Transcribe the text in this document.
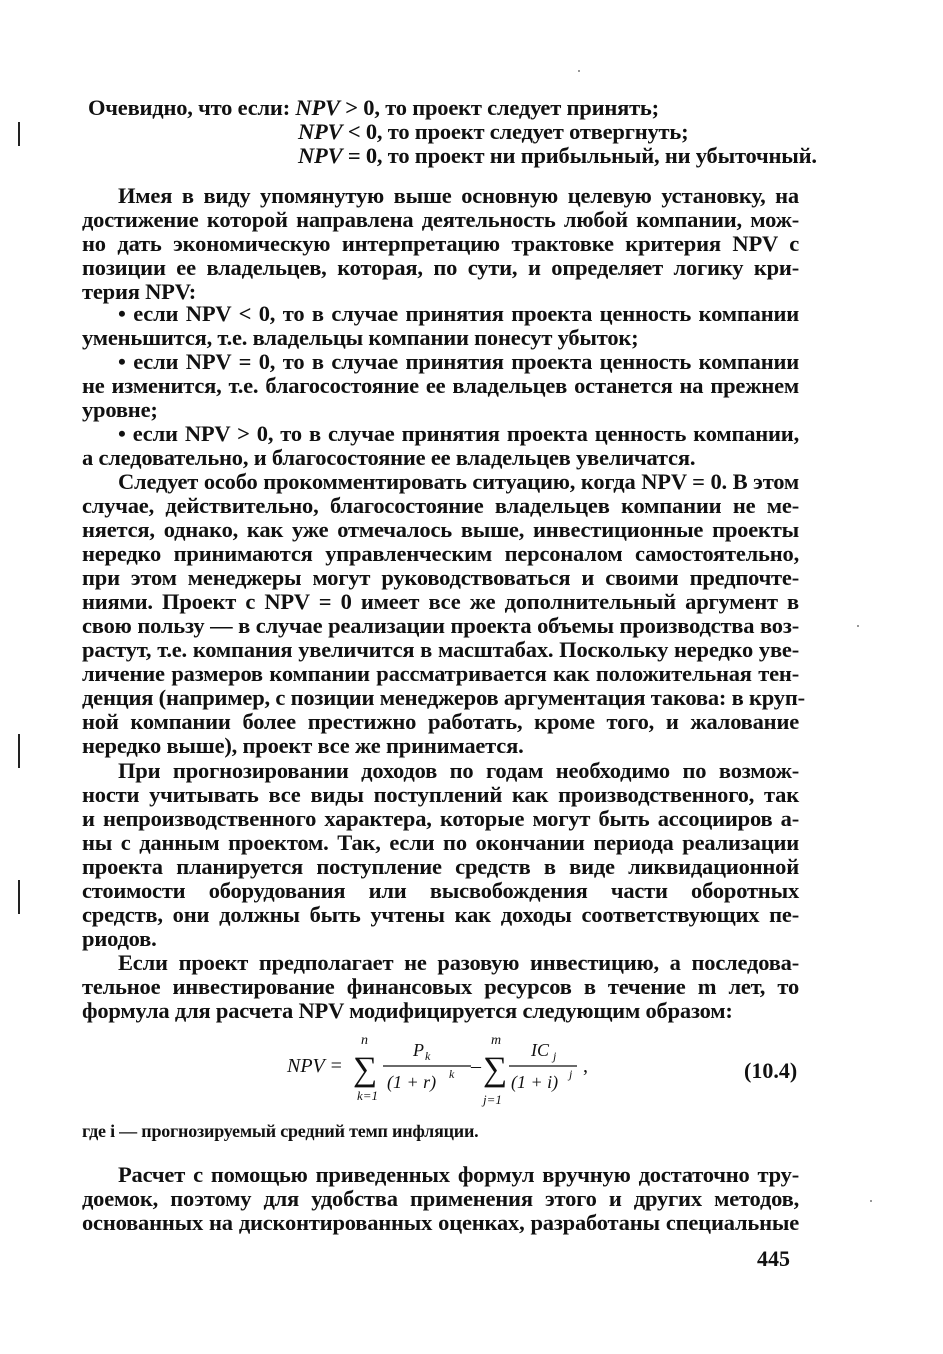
Очевидно, что если: NPV > 0, то проект следует принять;
NPV < 0, то проект следует отвергнуть;
NPV = 0, то проект ни прибыльный, ни убыточный.
Имея в виду упомянутую выше основную целевую установку, на
достижение которой направлена деятельность любой компании, мож-
но дать экономическую интерпретацию трактовке критерия NPV с
позиции ее владельцев, которая, по сути, и определяет логику кри-
терия NPV:
• если NPV < 0, то в случае принятия проекта ценность компании
уменьшится, т.е. владельцы компании понесут убыток;
• если NPV = 0, то в случае принятия проекта ценность компании
не изменится, т.е. благосостояние ее владельцев останется на прежнем
уровне;
• если NPV > 0, то в случае принятия проекта ценность компании,
а следовательно, и благосостояние ее владельцев увеличатся.
Следует особо прокомментировать ситуацию, когда NPV = 0. В этом
случае, действительно, благосостояние владельцев компании не ме-
няется, однако, как уже отмечалось выше, инвестиционные проекты
нередко принимаются управленческим персоналом самостоятельно,
при этом менеджеры могут руководствоваться и своими предпочте-
ниями. Проект с NPV = 0 имеет все же дополнительный аргумент в
свою пользу — в случае реализации проекта объемы производства воз-
растут, т.е. компания увеличится в масштабах. Поскольку нередко уве-
личение размеров компании рассматривается как положительная тен-
денция (например, с позиции менеджеров аргументация такова: в круп-
ной компании более престижно работать, кроме того, и жалование
нередко выше), проект все же принимается.
При прогнозировании доходов по годам необходимо по возмож-
ности учитывать все виды поступлений как производственного, так
и непроизводственного характера, которые могут быть ассоцииров а-
ны с данным проектом. Так, если по окончании периода реализации
проекта планируется поступление средств в виде ликвидационной
стоимости оборудования или высвобождения части оборотных
средств, они должны быть учтены как доходы соответствующих пе-
риодов.
Если проект предполагает не разовую инвестицию, а последова-
тельное инвестирование финансовых ресурсов в течение m лет, то
формула для расчета NPV модифицируется следующим образом:
NPV =
n
∑
k=1
P k
(1 + r) k –
m
∑
j=1
IC j
(1 + i) j ,	(10.4)
где i — прогнозируемый средний темп инфляции.
Расчет с помощью приведенных формул вручную достаточно тру-
доемок, поэтому для удобства применения этого и других методов,
основанных на дисконтированных оценках, разработаны специальные
445
